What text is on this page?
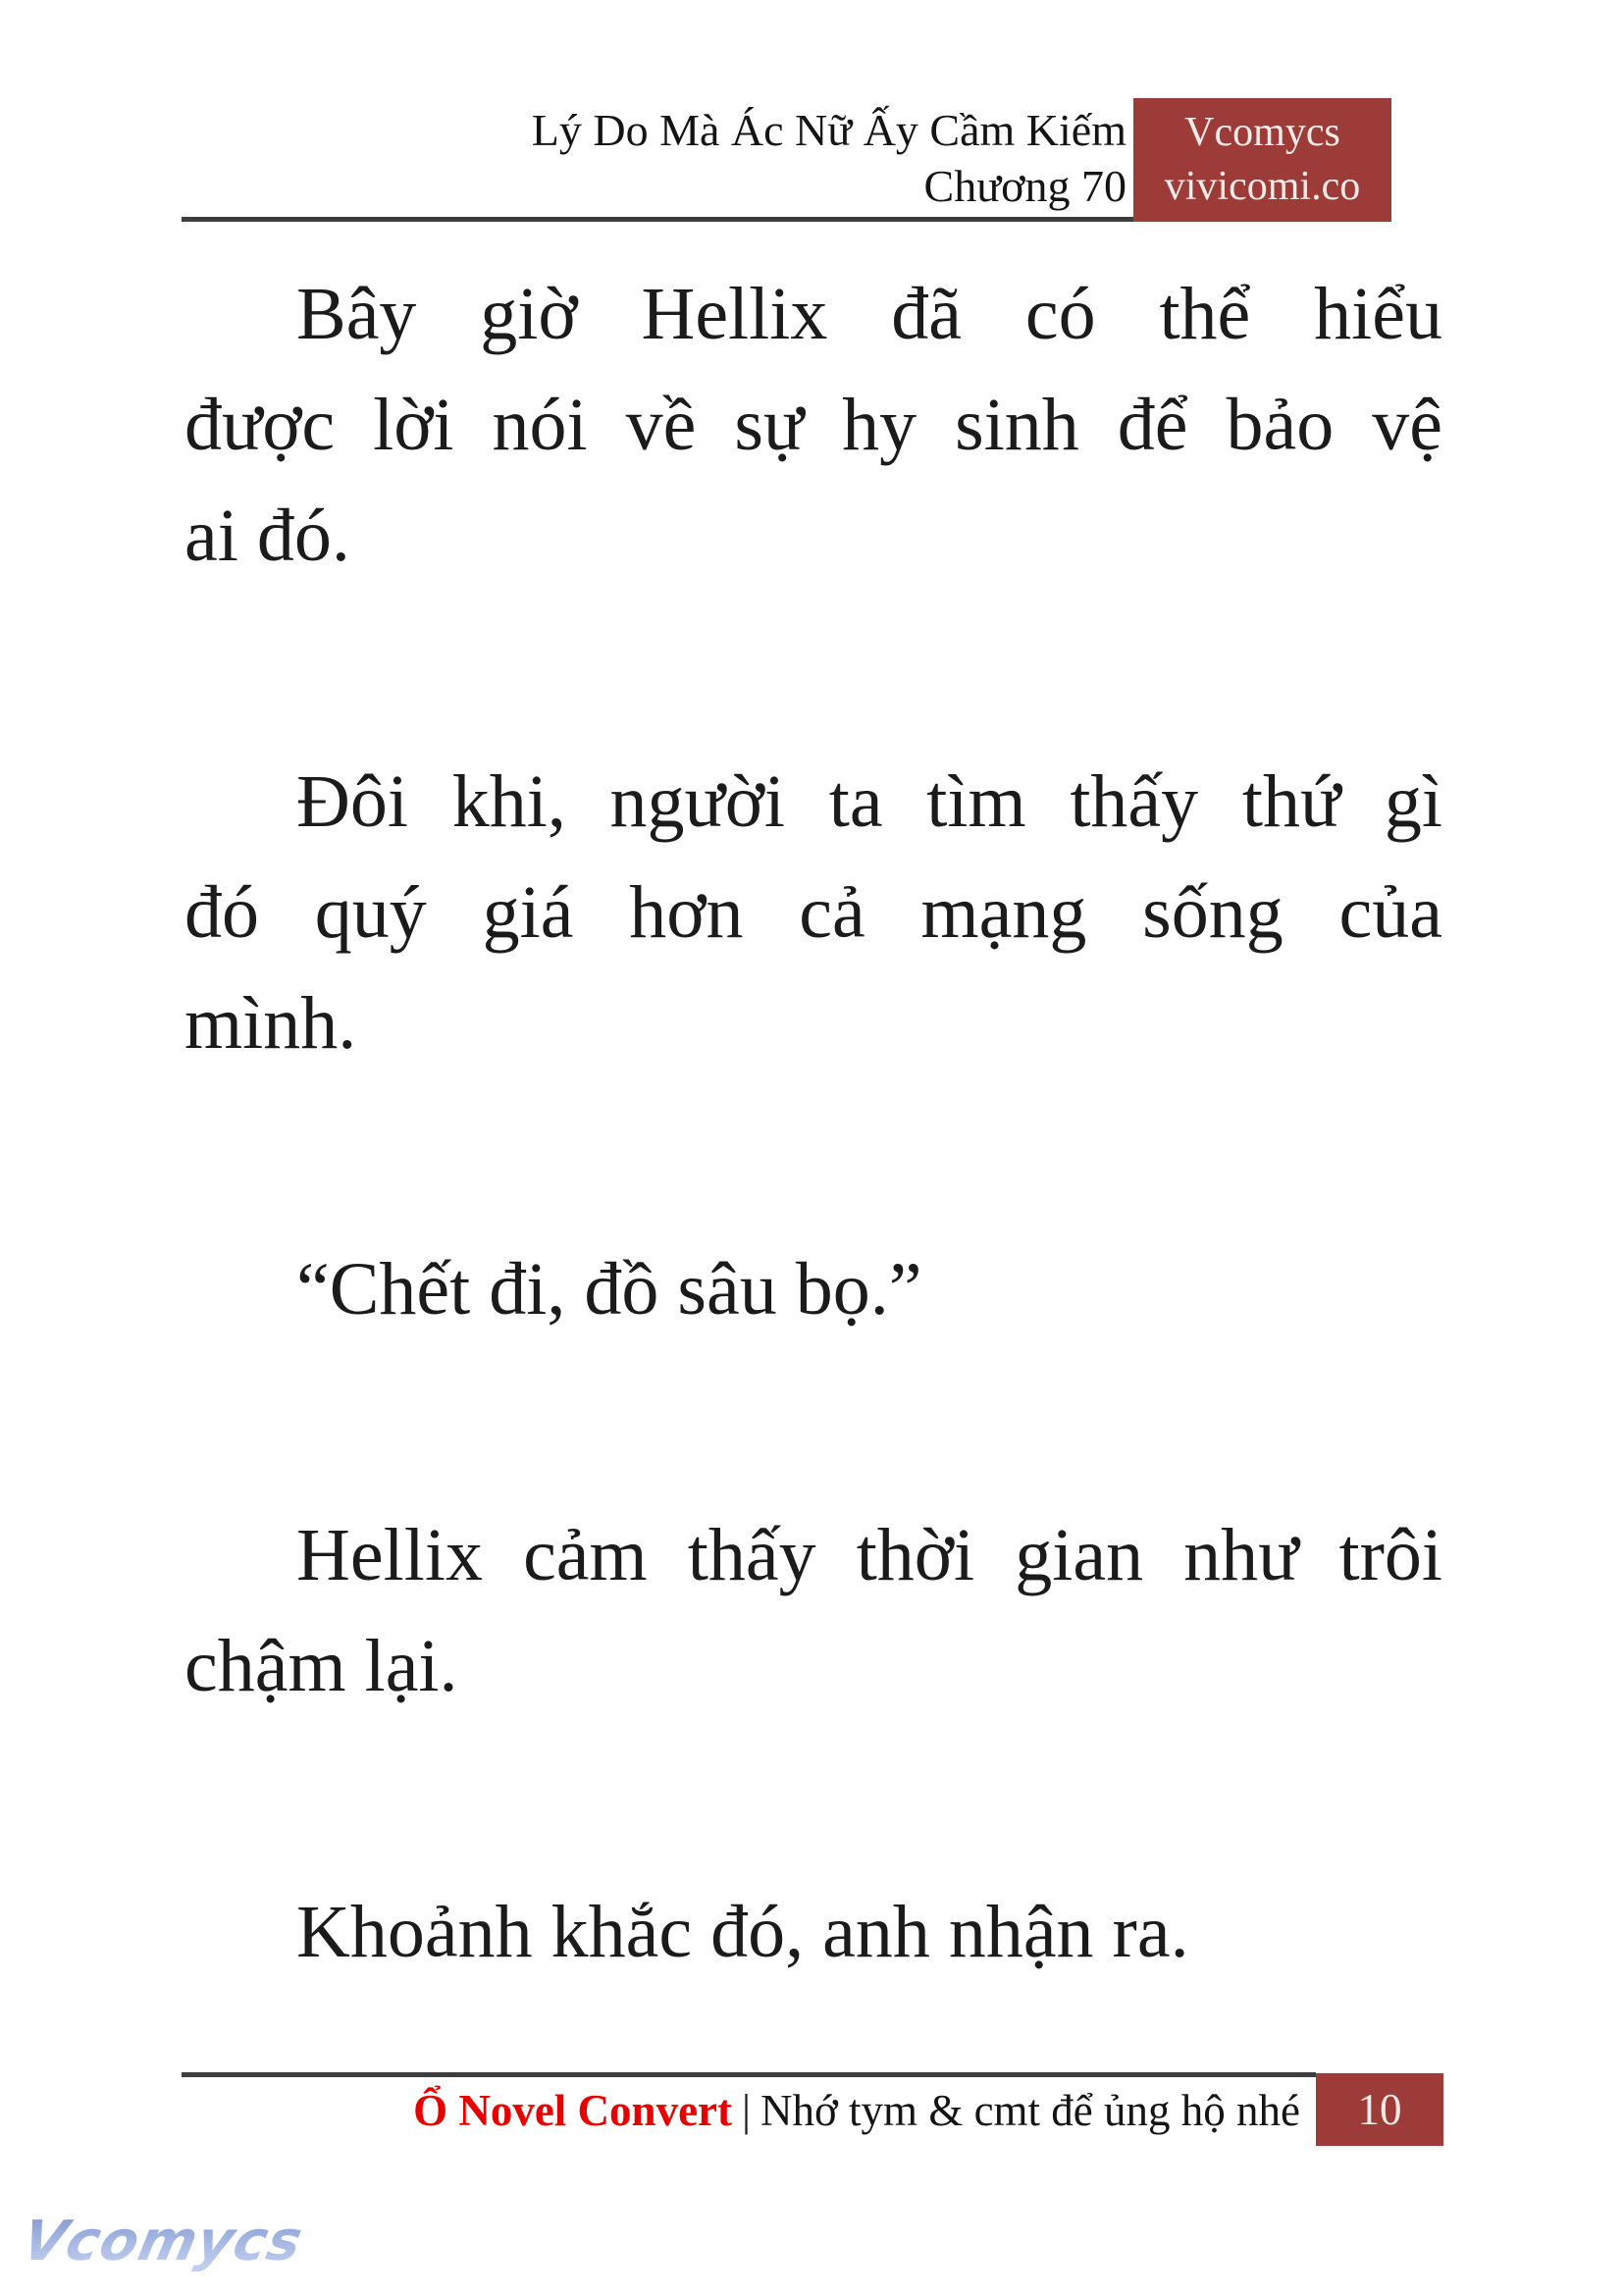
Lý Do Mà Ác Nữ Ấy Cầm Kiếm
Chương 70
Vcomycs
vivicomi.co
Bây giờ Hellix đã có thể hiểu
được lời nói về sự hy sinh để bảo vệ
ai đó.
Đôi khi, người ta tìm thấy thứ gì
đó quý giá hơn cả mạng sống của
mình.
“Chết đi, đồ sâu bọ.”
Hellix cảm thấy thời gian như trôi
chậm lại.
Khoảnh khắc đó, anh nhận ra.
Ổ Novel Convert | Nhớ tym & cmt để ủng hộ nhé 10
Vcomycs
